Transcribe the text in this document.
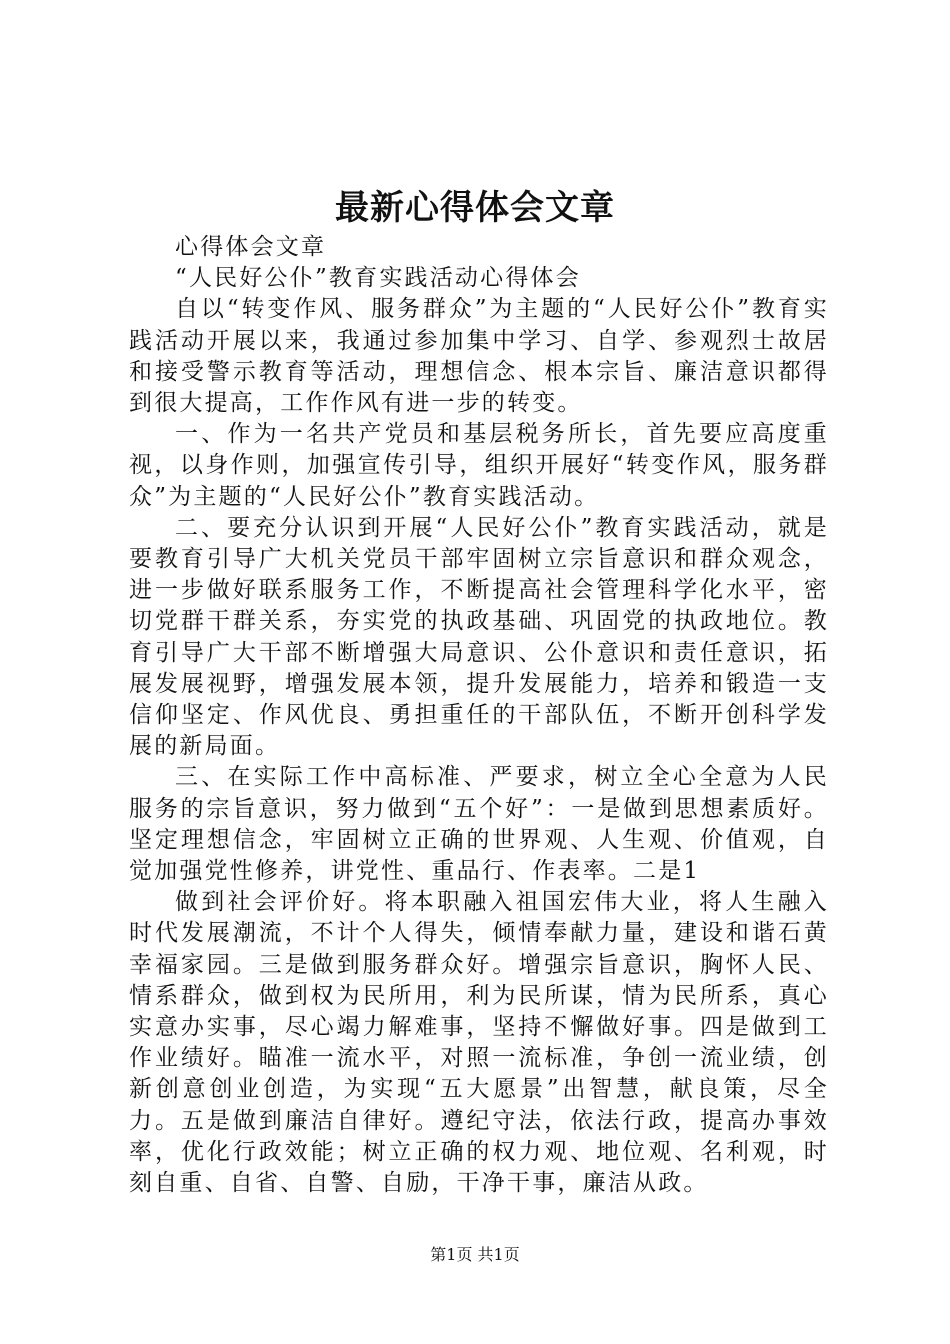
最新心得体会文章

心得体会文章

“人民好公仆”教育实践活动心得体会

自以“转变作风、服务群众”为主题的“人民好公仆”教育实践活动开展以来，我通过参加集中学习、自学、参观烈士故居和接受警示教育等活动，理想信念、根本宗旨、廉洁意识都得到很大提高，工作作风有进一步的转变。

一、作为一名共产党员和基层税务所长，首先要应高度重视，以身作则，加强宣传引导，组织开展好“转变作风，服务群众”为主题的“人民好公仆”教育实践活动。

二、要充分认识到开展“人民好公仆”教育实践活动，就是要教育引导广大机关党员干部牢固树立宗旨意识和群众观念，进一步做好联系服务工作，不断提高社会管理科学化水平，密切党群干群关系，夯实党的执政基础、巩固党的执政地位。教育引导广大干部不断增强大局意识、公仆意识和责任意识，拓展发展视野，增强发展本领，提升发展能力，培养和锻造一支信仰坚定、作风优良、勇担重任的干部队伍，不断开创科学发展的新局面。

三、在实际工作中高标准、严要求，树立全心全意为人民服务的宗旨意识，努力做到“五个好”：一是做到思想素质好。坚定理想信念，牢固树立正确的世界观、人生观、价值观，自觉加强党性修养，讲党性、重品行、作表率。二是1

做到社会评价好。将本职融入祖国宏伟大业，将人生融入时代发展潮流，不计个人得失，倾情奉献力量，建设和谐石黄幸福家园。三是做到服务群众好。增强宗旨意识，胸怀人民、情系群众，做到权为民所用，利为民所谋，情为民所系，真心实意办实事，尽心竭力解难事，坚持不懈做好事。四是做到工作业绩好。瞄准一流水平，对照一流标准，争创一流业绩，创新创意创业创造，为实现“五大愿景”出智慧，献良策，尽全力。五是做到廉洁自律好。遵纪守法，依法行政，提高办事效率，优化行政效能；树立正确的权力观、地位观、名利观，时刻自重、自省、自警、自励，干净干事，廉洁从政。

第1页 共1页
